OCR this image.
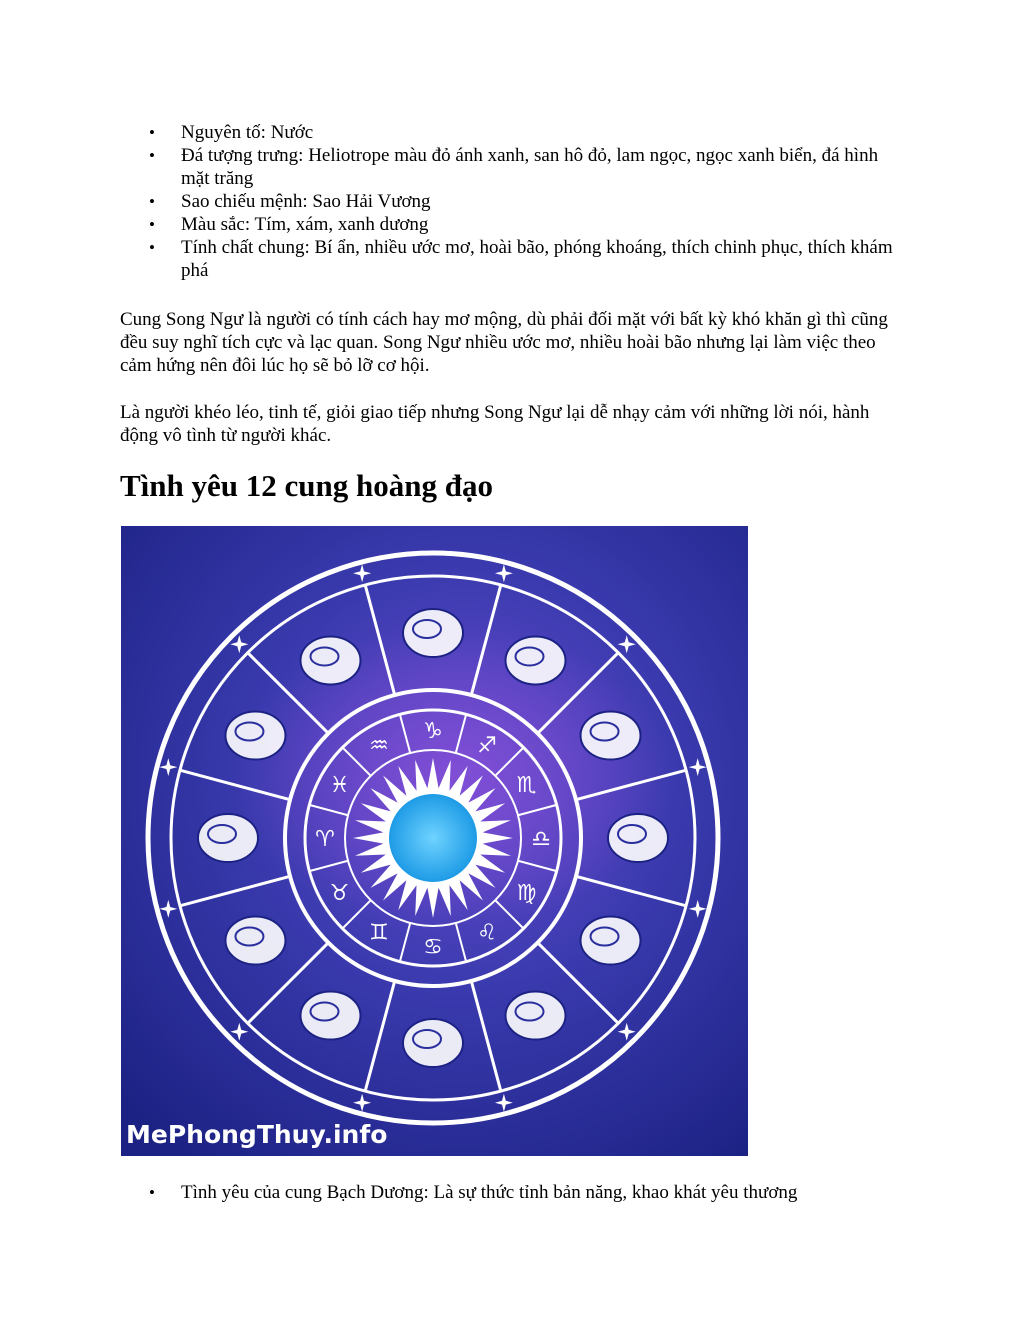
• Nguyên tố: Nước
• Đá tượng trưng: Heliotrope màu đỏ ánh xanh, san hô đỏ, lam ngọc, ngọc xanh biển, đá hình mặt trăng
• Sao chiếu mệnh: Sao Hải Vương
• Màu sắc: Tím, xám, xanh dương
• Tính chất chung: Bí ẩn, nhiều ước mơ, hoài bão, phóng khoáng, thích chinh phục, thích khám phá

Cung Song Ngư là người có tính cách hay mơ mộng, dù phải đối mặt với bất kỳ khó khăn gì thì cũng đều suy nghĩ tích cực và lạc quan. Song Ngư nhiều ước mơ, nhiều hoài bão nhưng lại làm việc theo cảm hứng nên đôi lúc họ sẽ bỏ lỡ cơ hội.

Là người khéo léo, tinh tế, giỏi giao tiếp nhưng Song Ngư lại dễ nhạy cảm với những lời nói, hành động vô tình từ người khác.

Tình yêu 12 cung hoàng đạo
♑
♐
♏
♎
♍
♌
♋
♊
♉
♈
♓
♒
MePhongThuy.info
• Tình yêu của cung Bạch Dương: Là sự thức tỉnh bản năng, khao khát yêu thương
